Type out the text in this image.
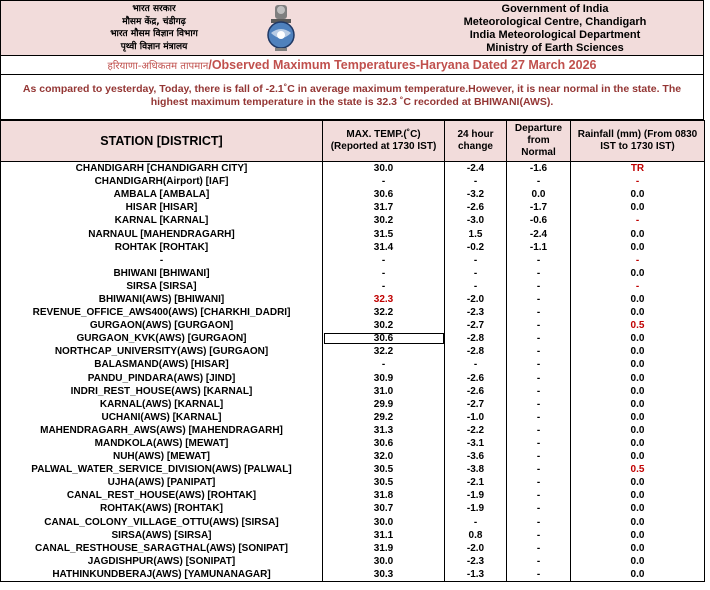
भारत सरकार
मौसम केंद्र, चंडीगढ़
भारत मौसम विज्ञान विभाग
पृथ्वी विज्ञान मंत्रालय
Government of India
Meteorological Centre, Chandigarh
India Meteorological Department
Ministry of Earth Sciences
हरियाणा-अधिकतम तापमान/Observed Maximum Temperatures-Haryana Dated 27 March 2026
As compared to yesterday, Today, there is fall of -2.1˚C in average maximum temperature.However, it is near normal in the state. The highest maximum temperature in the state is 32.3 ˚C recorded at BHIWANI(AWS).
STATION [DISTRICT]	MAX. TEMP.(˚C) (Reported at 1730 IST)	24 hour change	Departure from Normal	Rainfall (mm) (From 0830 IST to 1730 IST)
CHANDIGARH [CHANDIGARH CITY]	30.0	-2.4	-1.6	TR
CHANDIGARH(Airport) [IAF]	-	-	-	-
AMBALA [AMBALA]	30.6	-3.2	0.0	0.0
HISAR [HISAR]	31.7	-2.6	-1.7	0.0
KARNAL [KARNAL]	30.2	-3.0	-0.6	-
NARNAUL [MAHENDRAGARH]	31.5	1.5	-2.4	0.0
ROHTAK [ROHTAK]	31.4	-0.2	-1.1	0.0
-	-	-	-	-
BHIWANI [BHIWANI]	-	-	-	0.0
SIRSA [SIRSA]	-	-	-	-
BHIWANI(AWS) [BHIWANI]	32.3	-2.0	-	0.0
REVENUE_OFFICE_AWS400(AWS) [CHARKHI_DADRI]	32.2	-2.3	-	0.0
GURGAON(AWS) [GURGAON]	30.2	-2.7	-	0.5
GURGAON_KVK(AWS) [GURGAON]	30.6	-2.8	-	0.0
NORTHCAP_UNIVERSITY(AWS) [GURGAON]	32.2	-2.8	-	0.0
BALASMAND(AWS) [HISAR]	-	-	-	0.0
PANDU_PINDARA(AWS) [JIND]	30.9	-2.6	-	0.0
INDRI_REST_HOUSE(AWS) [KARNAL]	31.0	-2.6	-	0.0
KARNAL(AWS) [KARNAL]	29.9	-2.7	-	0.0
UCHANI(AWS) [KARNAL]	29.2	-1.0	-	0.0
MAHENDRAGARH_AWS(AWS) [MAHENDRAGARH]	31.3	-2.2	-	0.0
MANDKOLA(AWS) [MEWAT]	30.6	-3.1	-	0.0
NUH(AWS) [MEWAT]	32.0	-3.6	-	0.0
PALWAL_WATER_SERVICE_DIVISION(AWS) [PALWAL]	30.5	-3.8	-	0.5
UJHA(AWS) [PANIPAT]	30.5	-2.1	-	0.0
CANAL_REST_HOUSE(AWS) [ROHTAK]	31.8	-1.9	-	0.0
ROHTAK(AWS) [ROHTAK]	30.7	-1.9	-	0.0
CANAL_COLONY_VILLAGE_OTTU(AWS) [SIRSA]	30.0	-	-	0.0
SIRSA(AWS) [SIRSA]	31.1	0.8	-	0.0
CANAL_RESTHOUSE_SARAGTHAL(AWS) [SONIPAT]	31.9	-2.0	-	0.0
JAGDISHPUR(AWS) [SONIPAT]	30.0	-2.3	-	0.0
HATHINKUNDBERAJ(AWS) [YAMUNANAGAR]	30.3	-1.3	-	0.0
